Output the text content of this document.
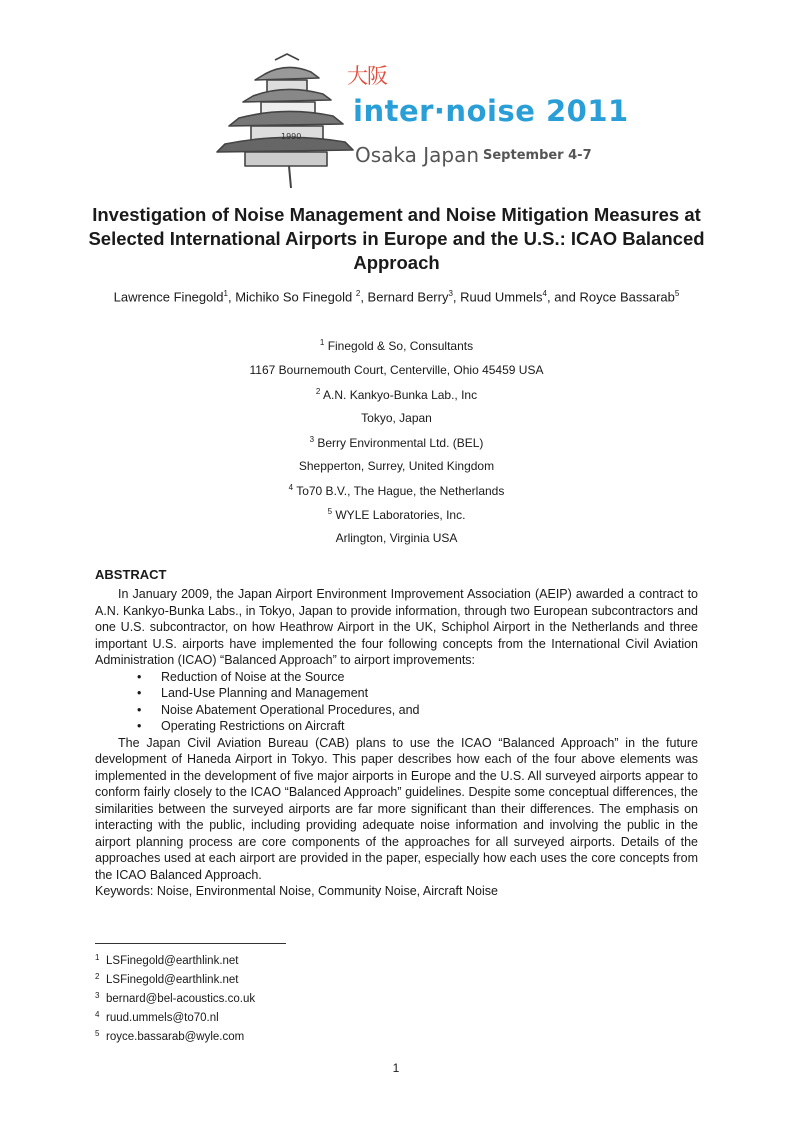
1990
大阪
inter·noise 2011
Osaka Japan September 4-7
Investigation of Noise Management and Noise Mitigation Measures at Selected International Airports in Europe and the U.S.: ICAO Balanced Approach
Lawrence Finegold$^1$, Michiko So Finegold $^2$, Bernard Berry$^3$, Ruud Ummels$^4$, and Royce Bassarab$^5$
$^1$ Finegold & So, Consultants
1167 Bournemouth Court, Centerville, Ohio 45459 USA
$^2$ A.N. Kankyo-Bunka Lab., Inc
Tokyo, Japan
$^3$ Berry Environmental Ltd. (BEL)
Shepperton, Surrey, United Kingdom
$^4$ To70 B.V., The Hague, the Netherlands
$^5$ WYLE Laboratories, Inc.
Arlington, Virginia USA
ABSTRACT

In January 2009, the Japan Airport Environment Improvement Association (AEIP) awarded a contract to A.N. Kankyo-Bunka Labs., in Tokyo, Japan to provide information, through two European subcontractors and one U.S. subcontractor, on how Heathrow Airport in the UK, Schiphol Airport in the Netherlands and three important U.S. airports have implemented the four following concepts from the International Civil Aviation Administration (ICAO) “Balanced Approach” to airport improvements:

• Reduction of Noise at the Source
• Land-Use Planning and Management
• Noise Abatement Operational Procedures, and
• Operating Restrictions on Aircraft

The Japan Civil Aviation Bureau (CAB) plans to use the ICAO “Balanced Approach” in the future development of Haneda Airport in Tokyo. This paper describes how each of the four above elements was implemented in the development of five major airports in Europe and the U.S. All surveyed airports appear to conform fairly closely to the ICAO “Balanced Approach” guidelines. Despite some conceptual differences, the similarities between the surveyed airports are far more significant than their differences. The emphasis on interacting with the public, including providing adequate noise information and involving the public in the airport planning process are core components of the approaches for all surveyed airports. Details of the approaches used at each airport are provided in the paper, especially how each uses the core concepts from the ICAO Balanced Approach.

Keywords: Noise, Environmental Noise, Community Noise, Aircraft Noise

$^1$ LSFinegold@earthlink.net
$^2$ LSFinegold@earthlink.net
$^3$ bernard@bel-acoustics.co.uk
$^4$ ruud.ummels@to70.nl
$^5$ royce.bassarab@wyle.com
1
